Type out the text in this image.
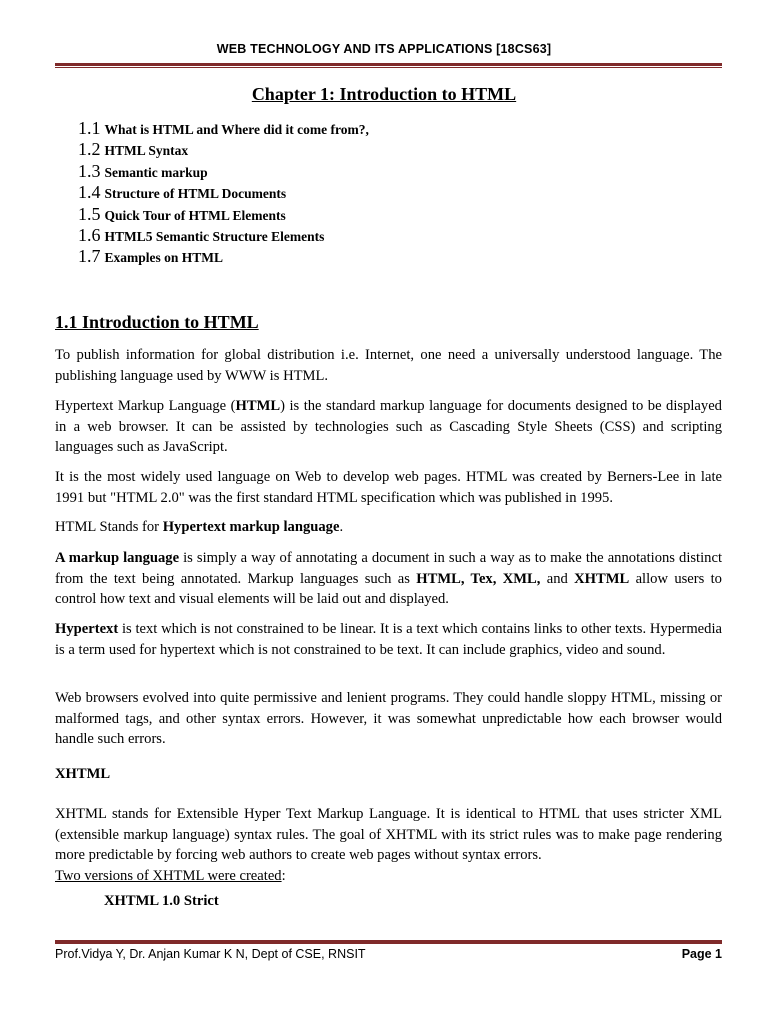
WEB TECHNOLOGY AND ITS APPLICATIONS [18CS63]
Chapter 1: Introduction to HTML
1.1 What is HTML and Where did it come from?,
1.2 HTML Syntax
1.3 Semantic markup
1.4 Structure of HTML Documents
1.5 Quick Tour of HTML Elements
1.6 HTML5 Semantic Structure Elements
1.7 Examples on HTML
1.1 Introduction to HTML

To publish information for global distribution i.e. Internet, one need a universally understood language. The publishing language used by WWW is HTML.

Hypertext Markup Language (HTML) is the standard markup language for documents designed to be displayed in a web browser. It can be assisted by technologies such as Cascading Style Sheets (CSS) and scripting languages such as JavaScript.

It is the most widely used language on Web to develop web pages. HTML was created by Berners-Lee in late 1991 but "HTML 2.0" was the first standard HTML specification which was published in 1995.

HTML Stands for Hypertext markup language.

A markup language is simply a way of annotating a document in such a way as to make the annotations distinct from the text being annotated. Markup languages such as HTML, Tex, XML, and XHTML allow users to control how text and visual elements will be laid out and displayed.

Hypertext is text which is not constrained to be linear. It is a text which contains links to other texts. Hypermedia is a term used for hypertext which is not constrained to be text. It can include graphics, video and sound.

Web browsers evolved into quite permissive and lenient programs. They could handle sloppy HTML, missing or malformed tags, and other syntax errors. However, it was somewhat unpredictable how each browser would handle such errors.

XHTML

XHTML stands for Extensible Hyper Text Markup Language. It is identical to HTML that uses stricter XML (extensible markup language) syntax rules. The goal of XHTML with its strict rules was to make page rendering more predictable by forcing web authors to create web pages without syntax errors.
Two versions of XHTML were created:

XHTML 1.0 Strict
Prof.Vidya Y, Dr. Anjan Kumar K N, Dept of CSE, RNSIT	Page 1
